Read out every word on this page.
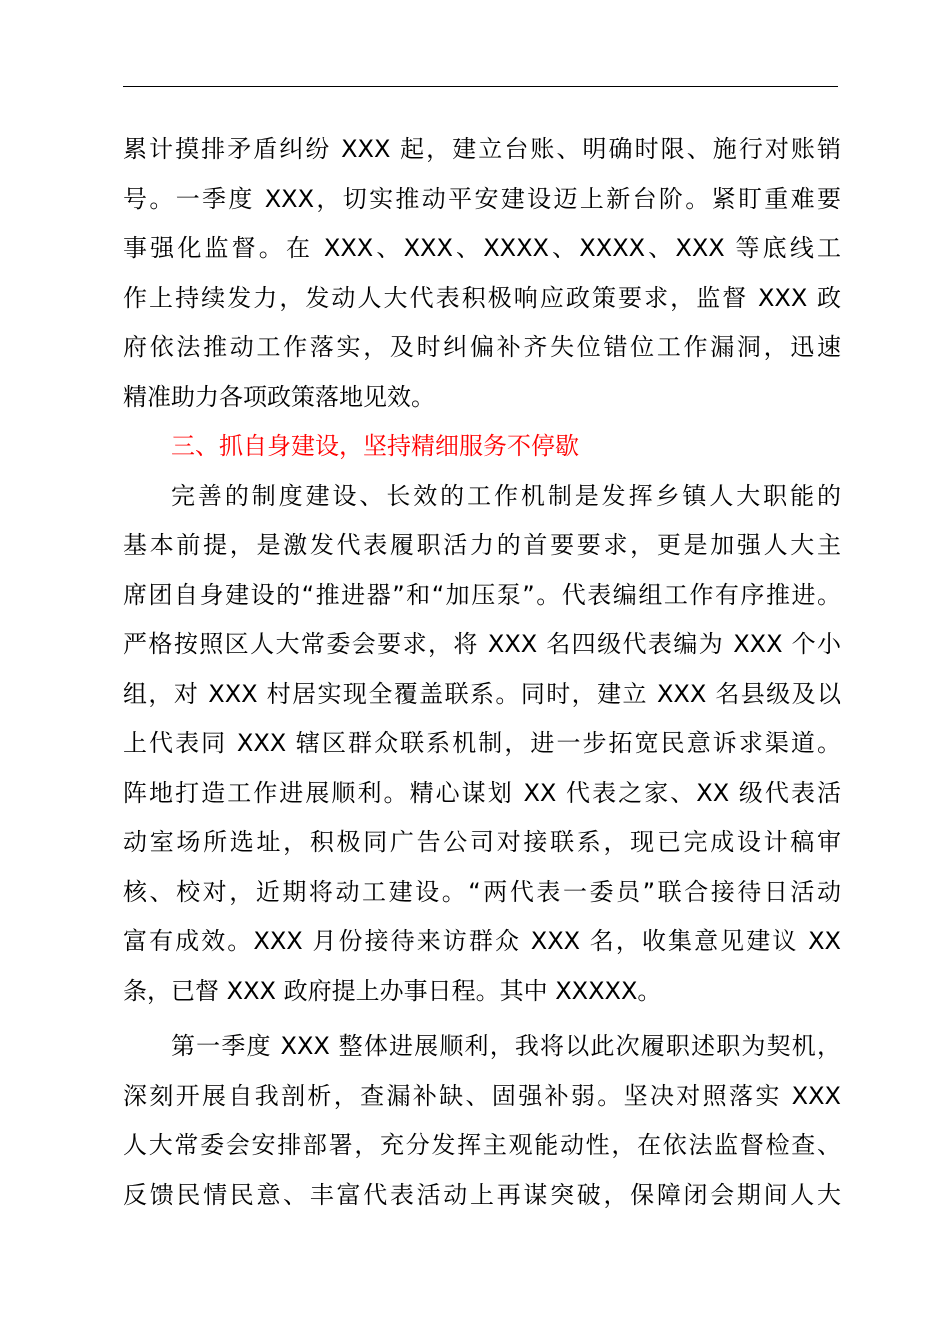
累计摸排矛盾纠纷 XXX 起，建立台账、明确时限、施行对账销
号。一季度 XXX，切实推动平安建设迈上新台阶。紧盯重难要
事强化监督。在 XXX、XXX、XXXX、XXXX、XXX 等底线工
作上持续发力，发动人大代表积极响应政策要求，监督 XXX 政
府依法推动工作落实，及时纠偏补齐失位错位工作漏洞，迅速
精准助力各项政策落地见效。
三、抓自身建设，坚持精细服务不停歇
完善的制度建设、长效的工作机制是发挥乡镇人大职能的
基本前提，是激发代表履职活力的首要要求，更是加强人大主
席团自身建设的“推进器”和“加压泵”。代表编组工作有序推进。
严格按照区人大常委会要求，将 XXX 名四级代表编为 XXX 个小
组，对 XXX 村居实现全覆盖联系。同时，建立 XXX 名县级及以
上代表同 XXX 辖区群众联系机制，进一步拓宽民意诉求渠道。
阵地打造工作进展顺利。精心谋划 XX 代表之家、XX 级代表活
动室场所选址，积极同广告公司对接联系，现已完成设计稿审
核、校对，近期将动工建设。“两代表一委员”联合接待日活动
富有成效。XXX 月份接待来访群众 XXX 名，收集意见建议 XX
条，已督 XXX 政府提上办事日程。其中 XXXXX。
第一季度 XXX 整体进展顺利，我将以此次履职述职为契机，
深刻开展自我剖析，查漏补缺、固强补弱。坚决对照落实 XXX
人大常委会安排部署，充分发挥主观能动性，在依法监督检查、
反馈民情民意、丰富代表活动上再谋突破，保障闭会期间人大
